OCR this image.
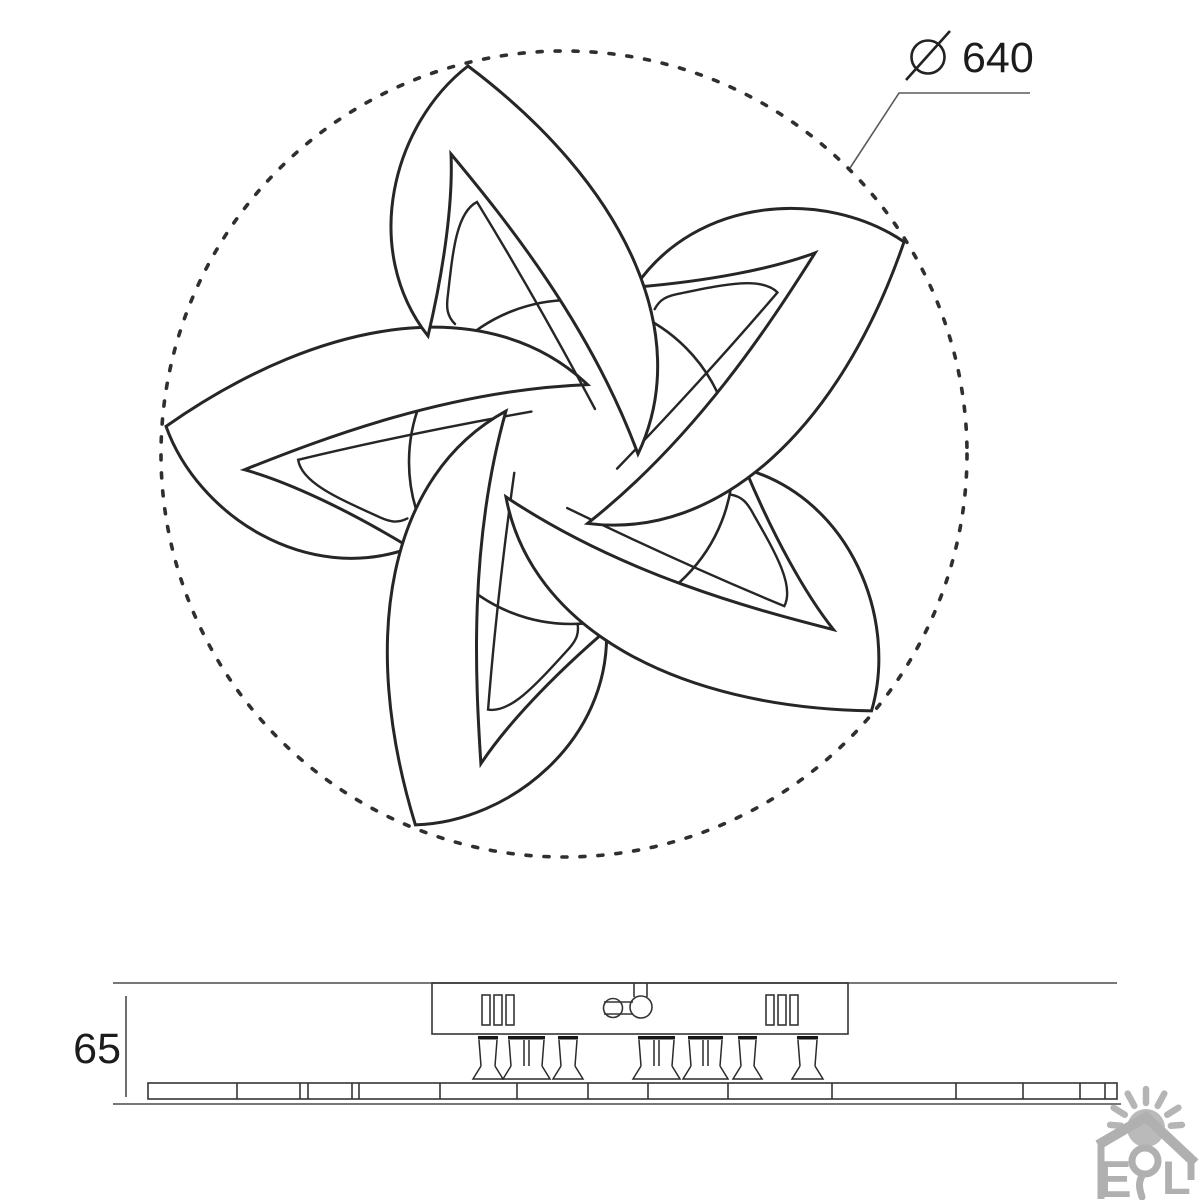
640
65
E L
